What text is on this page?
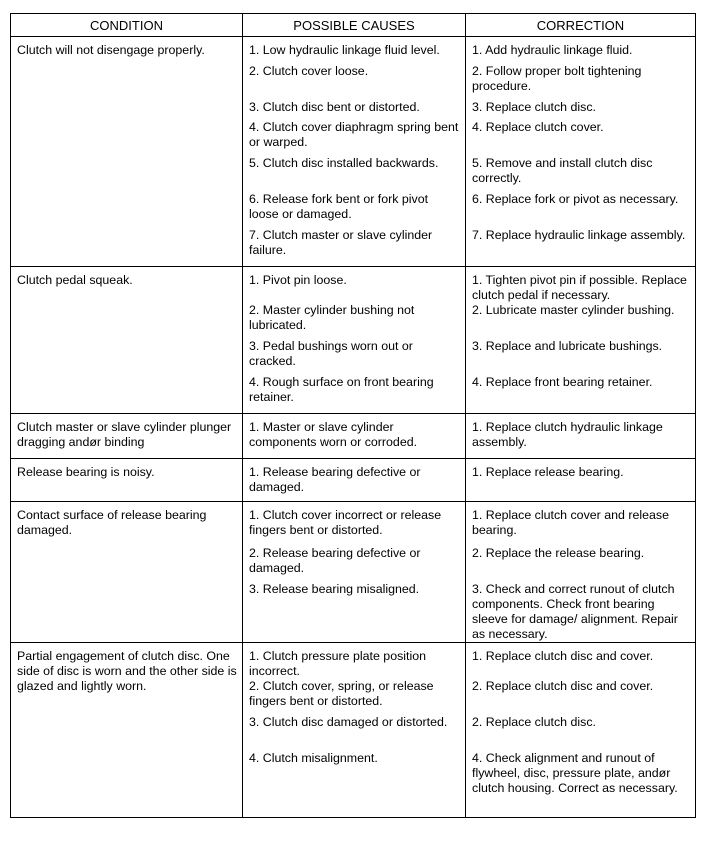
CONDITION	POSSIBLE CAUSES	CORRECTION
Clutch will not disengage properly.	1. Low hydraulic linkage fluid level.	1. Add hydraulic linkage fluid.

	2. Clutch cover loose.	2. Follow proper bolt tightening procedure.

	3. Clutch disc bent or distorted.	3. Replace clutch disc.

	4. Clutch cover diaphragm spring bent or warped.	4. Replace clutch cover.

	5. Clutch disc installed backwards.	5. Remove and install clutch disc correctly.

	6. Release fork bent or fork pivot loose or damaged.	6. Replace fork or pivot as necessary.

	7. Clutch master or slave cylinder failure.	7. Replace hydraulic linkage assembly.

Clutch pedal squeak.	1. Pivot pin loose.	1. Tighten pivot pin if possible. Replace clutch pedal if necessary.

	2. Master cylinder bushing not lubricated.	2. Lubricate master cylinder bushing.

	3. Pedal bushings worn out or cracked.	3. Replace and lubricate bushings.

	4. Rough surface on front bearing retainer.	4. Replace front bearing retainer.

Clutch master or slave cylinder plunger dragging andør binding	1. Master or slave cylinder components worn or corroded.	1. Replace clutch hydraulic linkage assembly.

Release bearing is noisy.	1. Release bearing defective or damaged.	1. Replace release bearing.

Contact surface of release bearing damaged.	1. Clutch cover incorrect or release fingers bent or distorted.	1. Replace clutch cover and release bearing.

	2. Release bearing defective or damaged.	2. Replace the release bearing.

	3. Release bearing misaligned.	3. Check and correct runout of clutch components. Check front bearing sleeve for damage/ alignment. Repair as necessary.

Partial engagement of clutch disc. One side of disc is worn and the other side is glazed and lightly worn.	1. Clutch pressure plate position incorrect.	1. Replace clutch disc and cover.

	2. Clutch cover, spring, or release fingers bent or distorted.	2. Replace clutch disc and cover.

	3. Clutch disc damaged or distorted.	2. Replace clutch disc.

	4. Clutch misalignment.	4. Check alignment and runout of flywheel, disc, pressure plate, andør clutch housing. Correct as necessary.
